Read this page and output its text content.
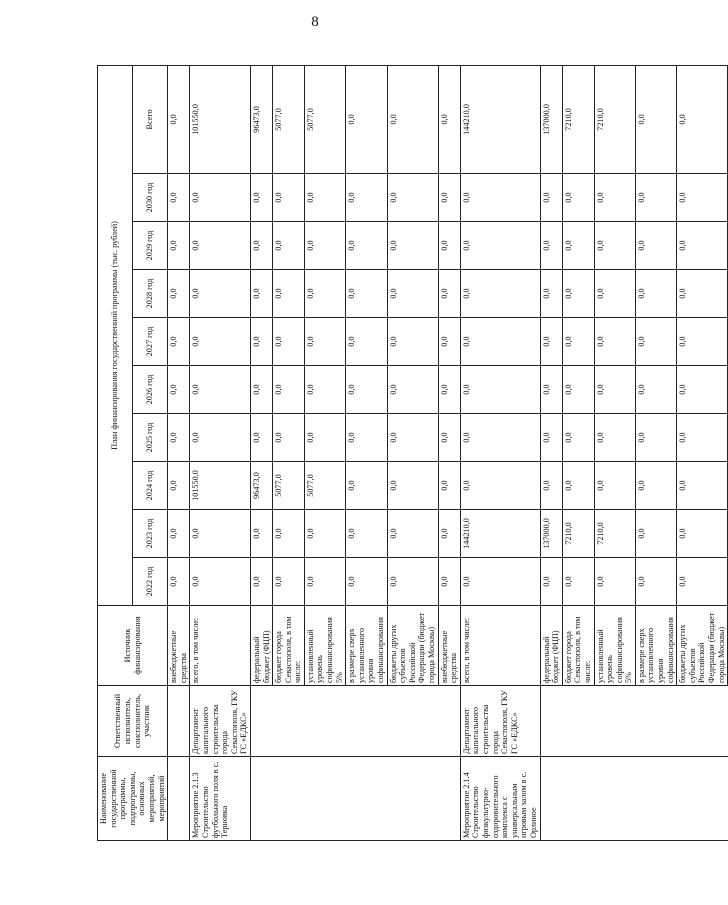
8
Наименование государственной программы, подпрограммы, основных мероприятий, мероприятий	Ответственный исполнитель, соисполнитель, участник	Источник финансирования	План финансирования государственной программы (тыс. рублей)									
			2022 год	2023 год	2024 год	2025 год	2026 год	2027 год	2028 год	2029 год	2030 год	Всего
		внебюджетные средства	0,0	0,0	0,0	0,0	0,0	0,0	0,0	0,0	0,0	0,0

Мероприятие 2.1.3 Строительство футбольного поля в с. Терновка	Департамент капитального строительства города Севастополя, ГКУ ГС «ЕДКС»	всего, в том числе:	0,0	0,0	101550,0	0,0	0,0	0,0	0,0	0,0	0,0	101550,0

		федеральный бюджет (ФЦП)	0,0	0,0	96473,0	0,0	0,0	0,0	0,0	0,0	0,0	96473,0

		бюджет города Севастополя, в том числе:	0,0	0,0	5077,0	0,0	0,0	0,0	0,0	0,0	0,0	5077,0

		установленный уровень софинансирования 5%	0,0	0,0	5077,0	0,0	0,0	0,0	0,0	0,0	0,0	5077,0

		в размере сверх установленного уровня софинансирования	0,0	0,0	0,0	0,0	0,0	0,0	0,0	0,0	0,0	0,0

		бюджеты других субъектов Российской Федерации (бюджет города Москвы)	0,0	0,0	0,0	0,0	0,0	0,0	0,0	0,0	0,0	0,0

		внебюджетные средства	0,0	0,0	0,0	0,0	0,0	0,0	0,0	0,0	0,0	0,0

Мероприятие 2.1.4 Строительство физкультурно-оздоровительного комплекса с универсальным игровым залом в с. Орлиное	Департамент капитального строительства города Севастополя, ГКУ ГС «ЕДКС»	всего, в том числе:	0,0	144210,0	0,0	0,0	0,0	0,0	0,0	0,0	0,0	144210,0

		федеральный бюджет (ФЦП)	0,0	137000,0	0,0	0,0	0,0	0,0	0,0	0,0	0,0	137000,0

		бюджет города Севастополя, в том числе:	0,0	7210,0	0,0	0,0	0,0	0,0	0,0	0,0	0,0	7210,0

		установленный уровень софинансирования 5%	0,0	7210,0	0,0	0,0	0,0	0,0	0,0	0,0	0,0	7210,0

		в размере сверх установленного уровня софинансирования	0,0	0,0	0,0	0,0	0,0	0,0	0,0	0,0	0,0	0,0

		бюджеты других субъектов Российской Федерации (бюджет города Москвы)	0,0	0,0	0,0	0,0	0,0	0,0	0,0	0,0	0,0	0,0
